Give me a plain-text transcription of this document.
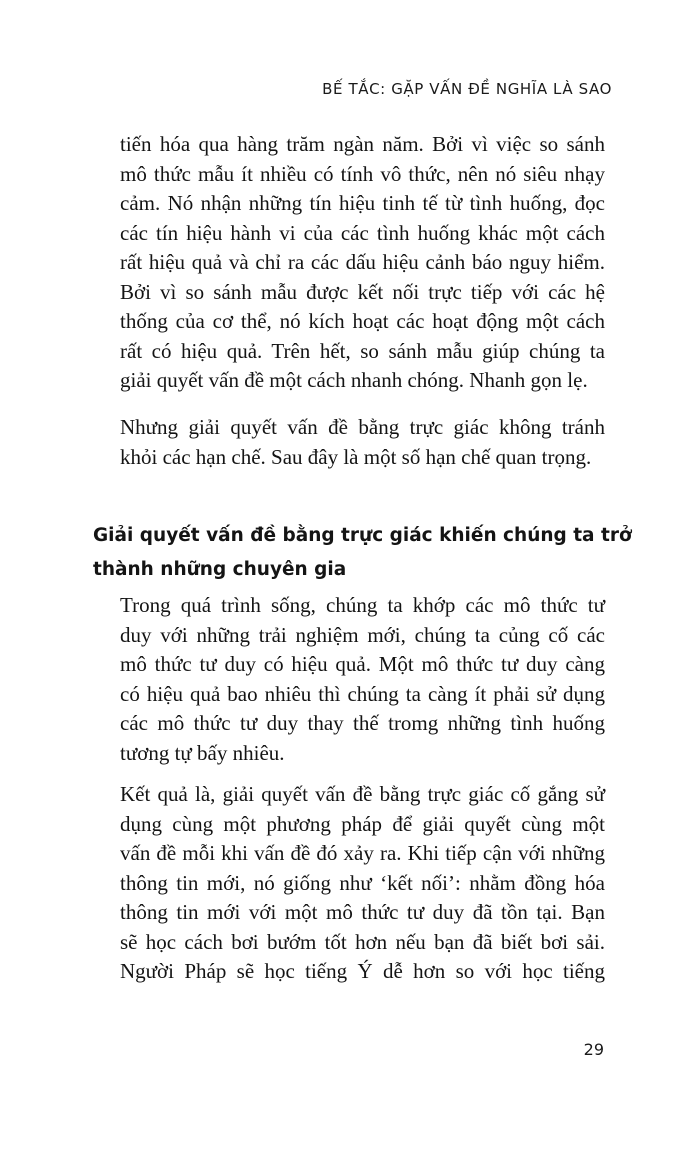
BẾ TẮC: GẶP VẤN ĐỀ NGHĨA LÀ SAO

tiến hóa qua hàng trăm ngàn năm. Bởi vì việc so sánh
mô thức mẫu ít nhiều có tính vô thức, nên nó siêu nhạy
cảm. Nó nhận những tín hiệu tinh tế từ tình huống, đọc
các tín hiệu hành vi của các tình huống khác một cách
rất hiệu quả và chỉ ra các dấu hiệu cảnh báo nguy hiểm.
Bởi vì so sánh mẫu được kết nối trực tiếp với các hệ
thống của cơ thể, nó kích hoạt các hoạt động một cách
rất có hiệu quả. Trên hết, so sánh mẫu giúp chúng ta
giải quyết vấn đề một cách nhanh chóng. Nhanh gọn lẹ.

Nhưng giải quyết vấn đề bằng trực giác không tránh
khỏi các hạn chế. Sau đây là một số hạn chế quan trọng.

Giải quyết vấn đề bằng trực giác khiến chúng ta trở
thành những chuyên gia

Trong quá trình sống, chúng ta khớp các mô thức tư
duy với những trải nghiệm mới, chúng ta củng cố các
mô thức tư duy có hiệu quả. Một mô thức tư duy càng
có hiệu quả bao nhiêu thì chúng ta càng ít phải sử dụng
các mô thức tư duy thay thế tromg những tình huống
tương tự bấy nhiêu.

Kết quả là, giải quyết vấn đề bằng trực giác cố gắng sử
dụng cùng một phương pháp để giải quyết cùng một
vấn đề mỗi khi vấn đề đó xảy ra. Khi tiếp cận với những
thông tin mới, nó giống như ‘kết nối’: nhằm đồng hóa
thông tin mới với một mô thức tư duy đã tồn tại. Bạn
sẽ học cách bơi bướm tốt hơn nếu bạn đã biết bơi sải.
Người Pháp sẽ học tiếng Ý dễ hơn so với học tiếng

29
